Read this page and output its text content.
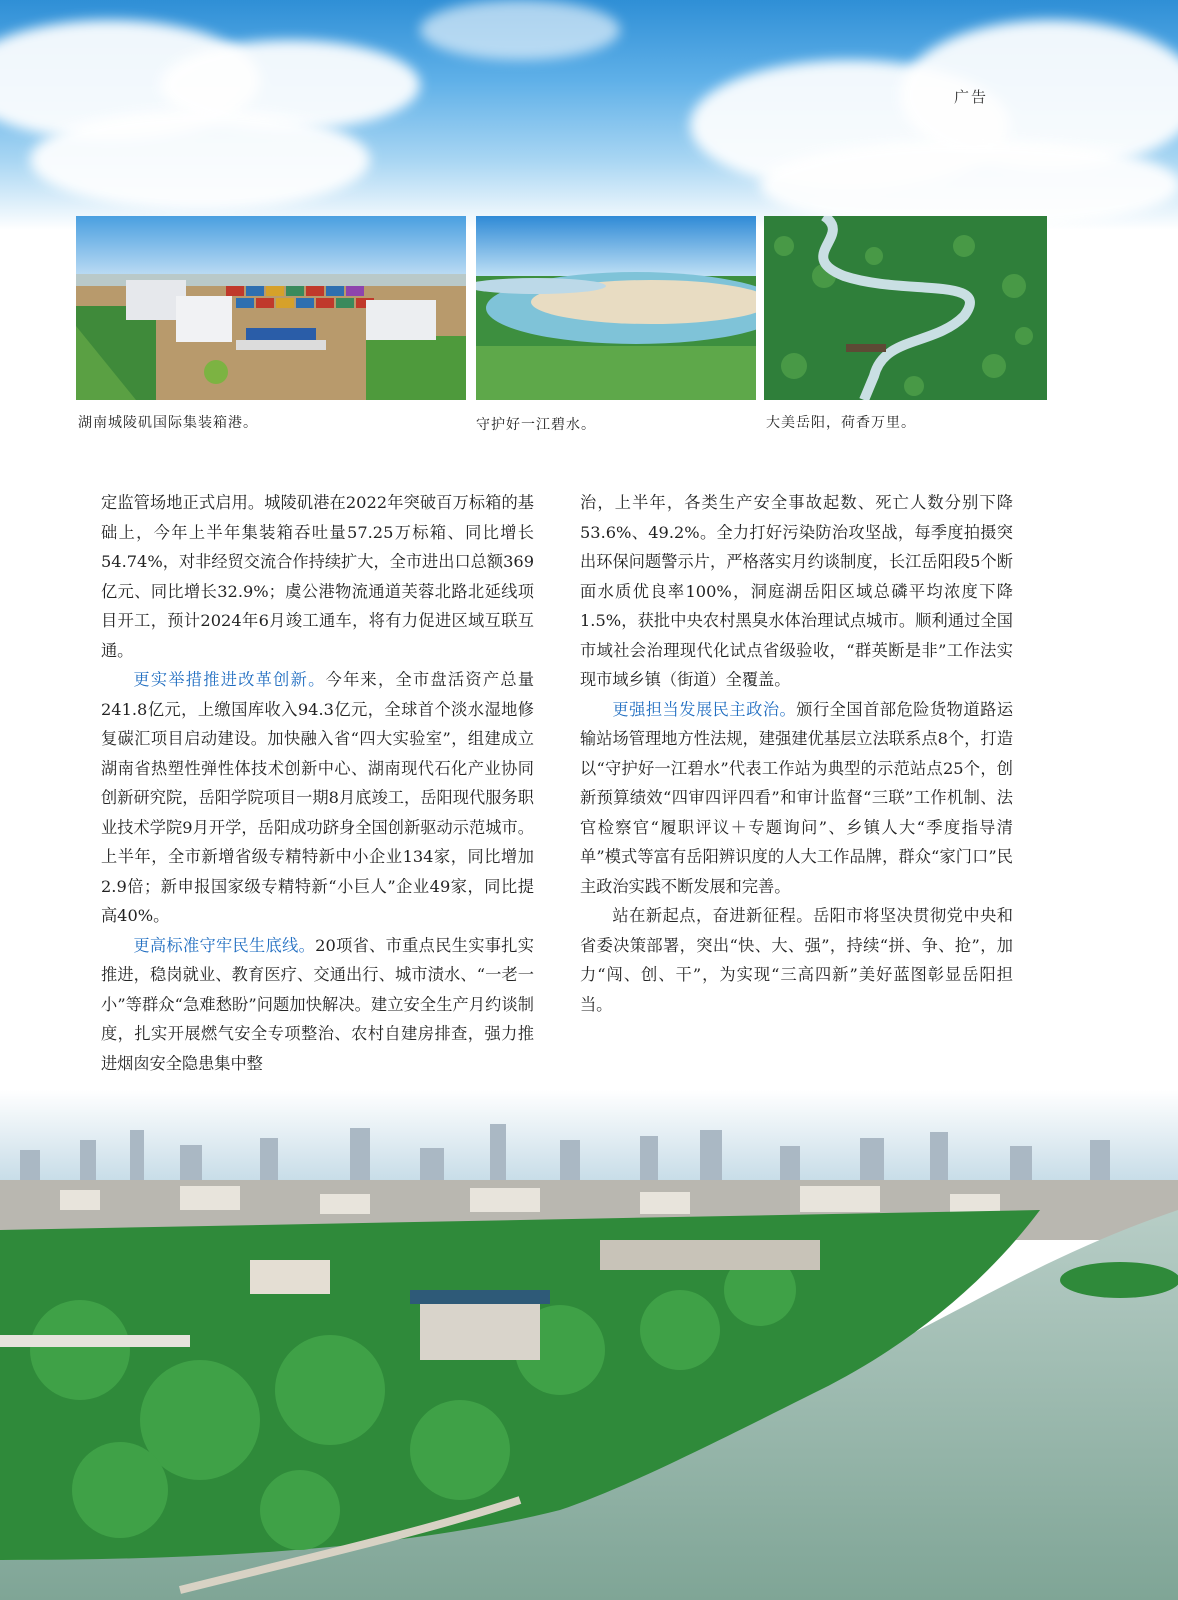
广告
湖南城陵矶国际集装箱港。	守护好一江碧水。	大美岳阳，荷香万里。

定监管场地正式启用。城陵矶港在2022年突破百万标箱的基础上，今年上半年集装箱吞吐量57.25万标箱、同比增长54.74%，对非经贸交流合作持续扩大，全市进出口总额369亿元、同比增长32.9%；虞公港物流通道芙蓉北路北延线项目开工，预计2024年6月竣工通车，将有力促进区域互联互通。

更实举措推进改革创新。今年来，全市盘活资产总量241.8亿元，上缴国库收入94.3亿元，全球首个淡水湿地修复碳汇项目启动建设。加快融入省“四大实验室”，组建成立湖南省热塑性弹性体技术创新中心、湖南现代石化产业协同创新研究院，岳阳学院项目一期8月底竣工，岳阳现代服务职业技术学院9月开学，岳阳成功跻身全国创新驱动示范城市。上半年，全市新增省级专精特新中小企业134家，同比增加2.9倍；新申报国家级专精特新“小巨人”企业49家，同比提高40%。

更高标准守牢民生底线。20项省、市重点民生实事扎实推进，稳岗就业、教育医疗、交通出行、城市渍水、“一老一小”等群众“急难愁盼”问题加快解决。建立安全生产月约谈制度，扎实开展燃气安全专项整治、农村自建房排查，强力推进烟囱安全隐患集中整

治，上半年，各类生产安全事故起数、死亡人数分别下降53.6%、49.2%。全力打好污染防治攻坚战，每季度拍摄突出环保问题警示片，严格落实月约谈制度，长江岳阳段5个断面水质优良率100%，洞庭湖岳阳区域总磷平均浓度下降1.5%，获批中央农村黑臭水体治理试点城市。顺利通过全国市域社会治理现代化试点省级验收，“群英断是非”工作法实现市域乡镇（街道）全覆盖。

更强担当发展民主政治。颁行全国首部危险货物道路运输站场管理地方性法规，建强建优基层立法联系点8个，打造以“守护好一江碧水”代表工作站为典型的示范站点25个，创新预算绩效“四审四评四看”和审计监督“三联”工作机制、法官检察官“履职评议＋专题询问”、乡镇人大“季度指导清单”模式等富有岳阳辨识度的人大工作品牌，群众“家门口”民主政治实践不断发展和完善。

站在新起点，奋进新征程。岳阳市将坚决贯彻党中央和省委决策部署，突出“快、大、强”，持续“拼、争、抢”，加力“闯、创、干”，为实现“三高四新”美好蓝图彰显岳阳担当。
